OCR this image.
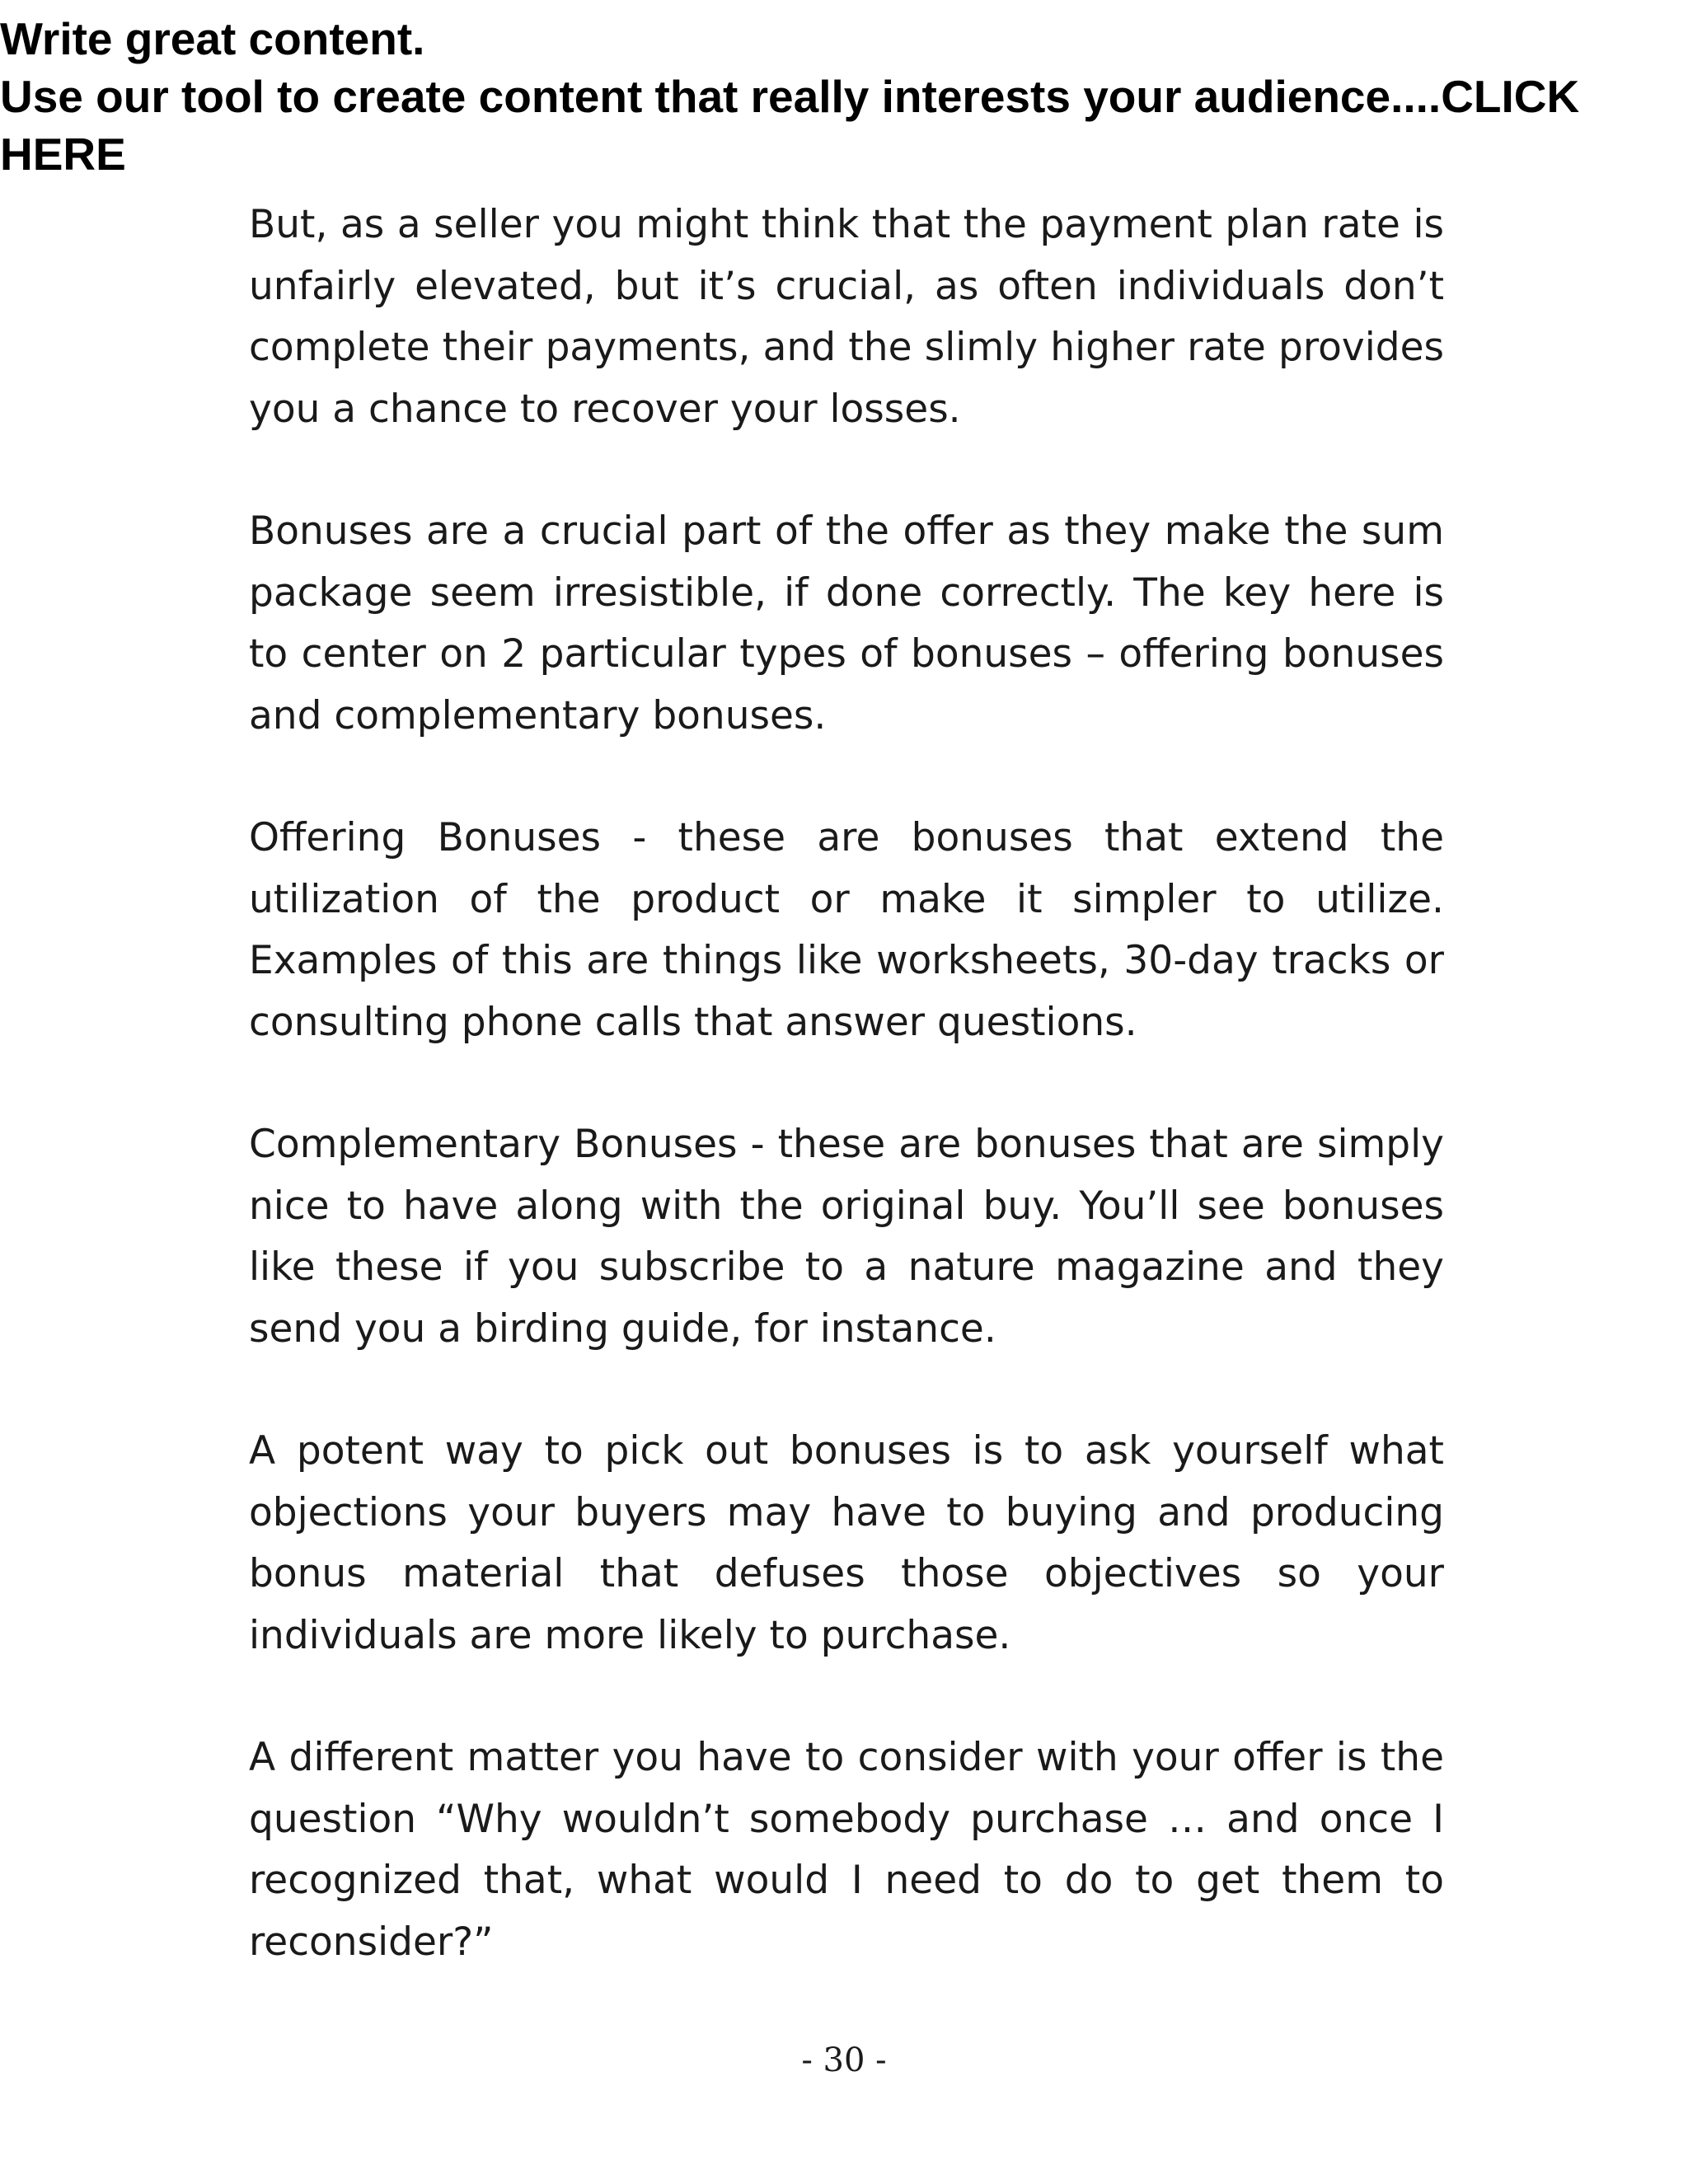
Write great content.
Use our tool to create content that really interests your audience....CLICK HERE

But, as a seller you might think that the payment plan rate is unfairly elevated, but it’s crucial, as often individuals don’t complete their payments, and the slimly higher rate provides you a chance to recover your losses.

Bonuses are a crucial part of the offer as they make the sum package seem irresistible, if done correctly. The key here is to center on 2 particular types of bonuses – offering bonuses and complementary bonuses.

Offering Bonuses - these are bonuses that extend the utilization of the product or make it simpler to utilize. Examples of this are things like worksheets, 30-day tracks or consulting phone calls that answer questions.

Complementary Bonuses - these are bonuses that are simply nice to have along with the original buy. You’ll see bonuses like these if you subscribe to a nature magazine and they send you a birding guide, for instance.

A potent way to pick out bonuses is to ask yourself what objections your buyers may have to buying and producing bonus material that defuses those objectives so your individuals are more likely to purchase.

A different matter you have to consider with your offer is the question “Why wouldn’t somebody purchase … and once I recognized that, what would I need to do to get them to reconsider?”

- 30 -
